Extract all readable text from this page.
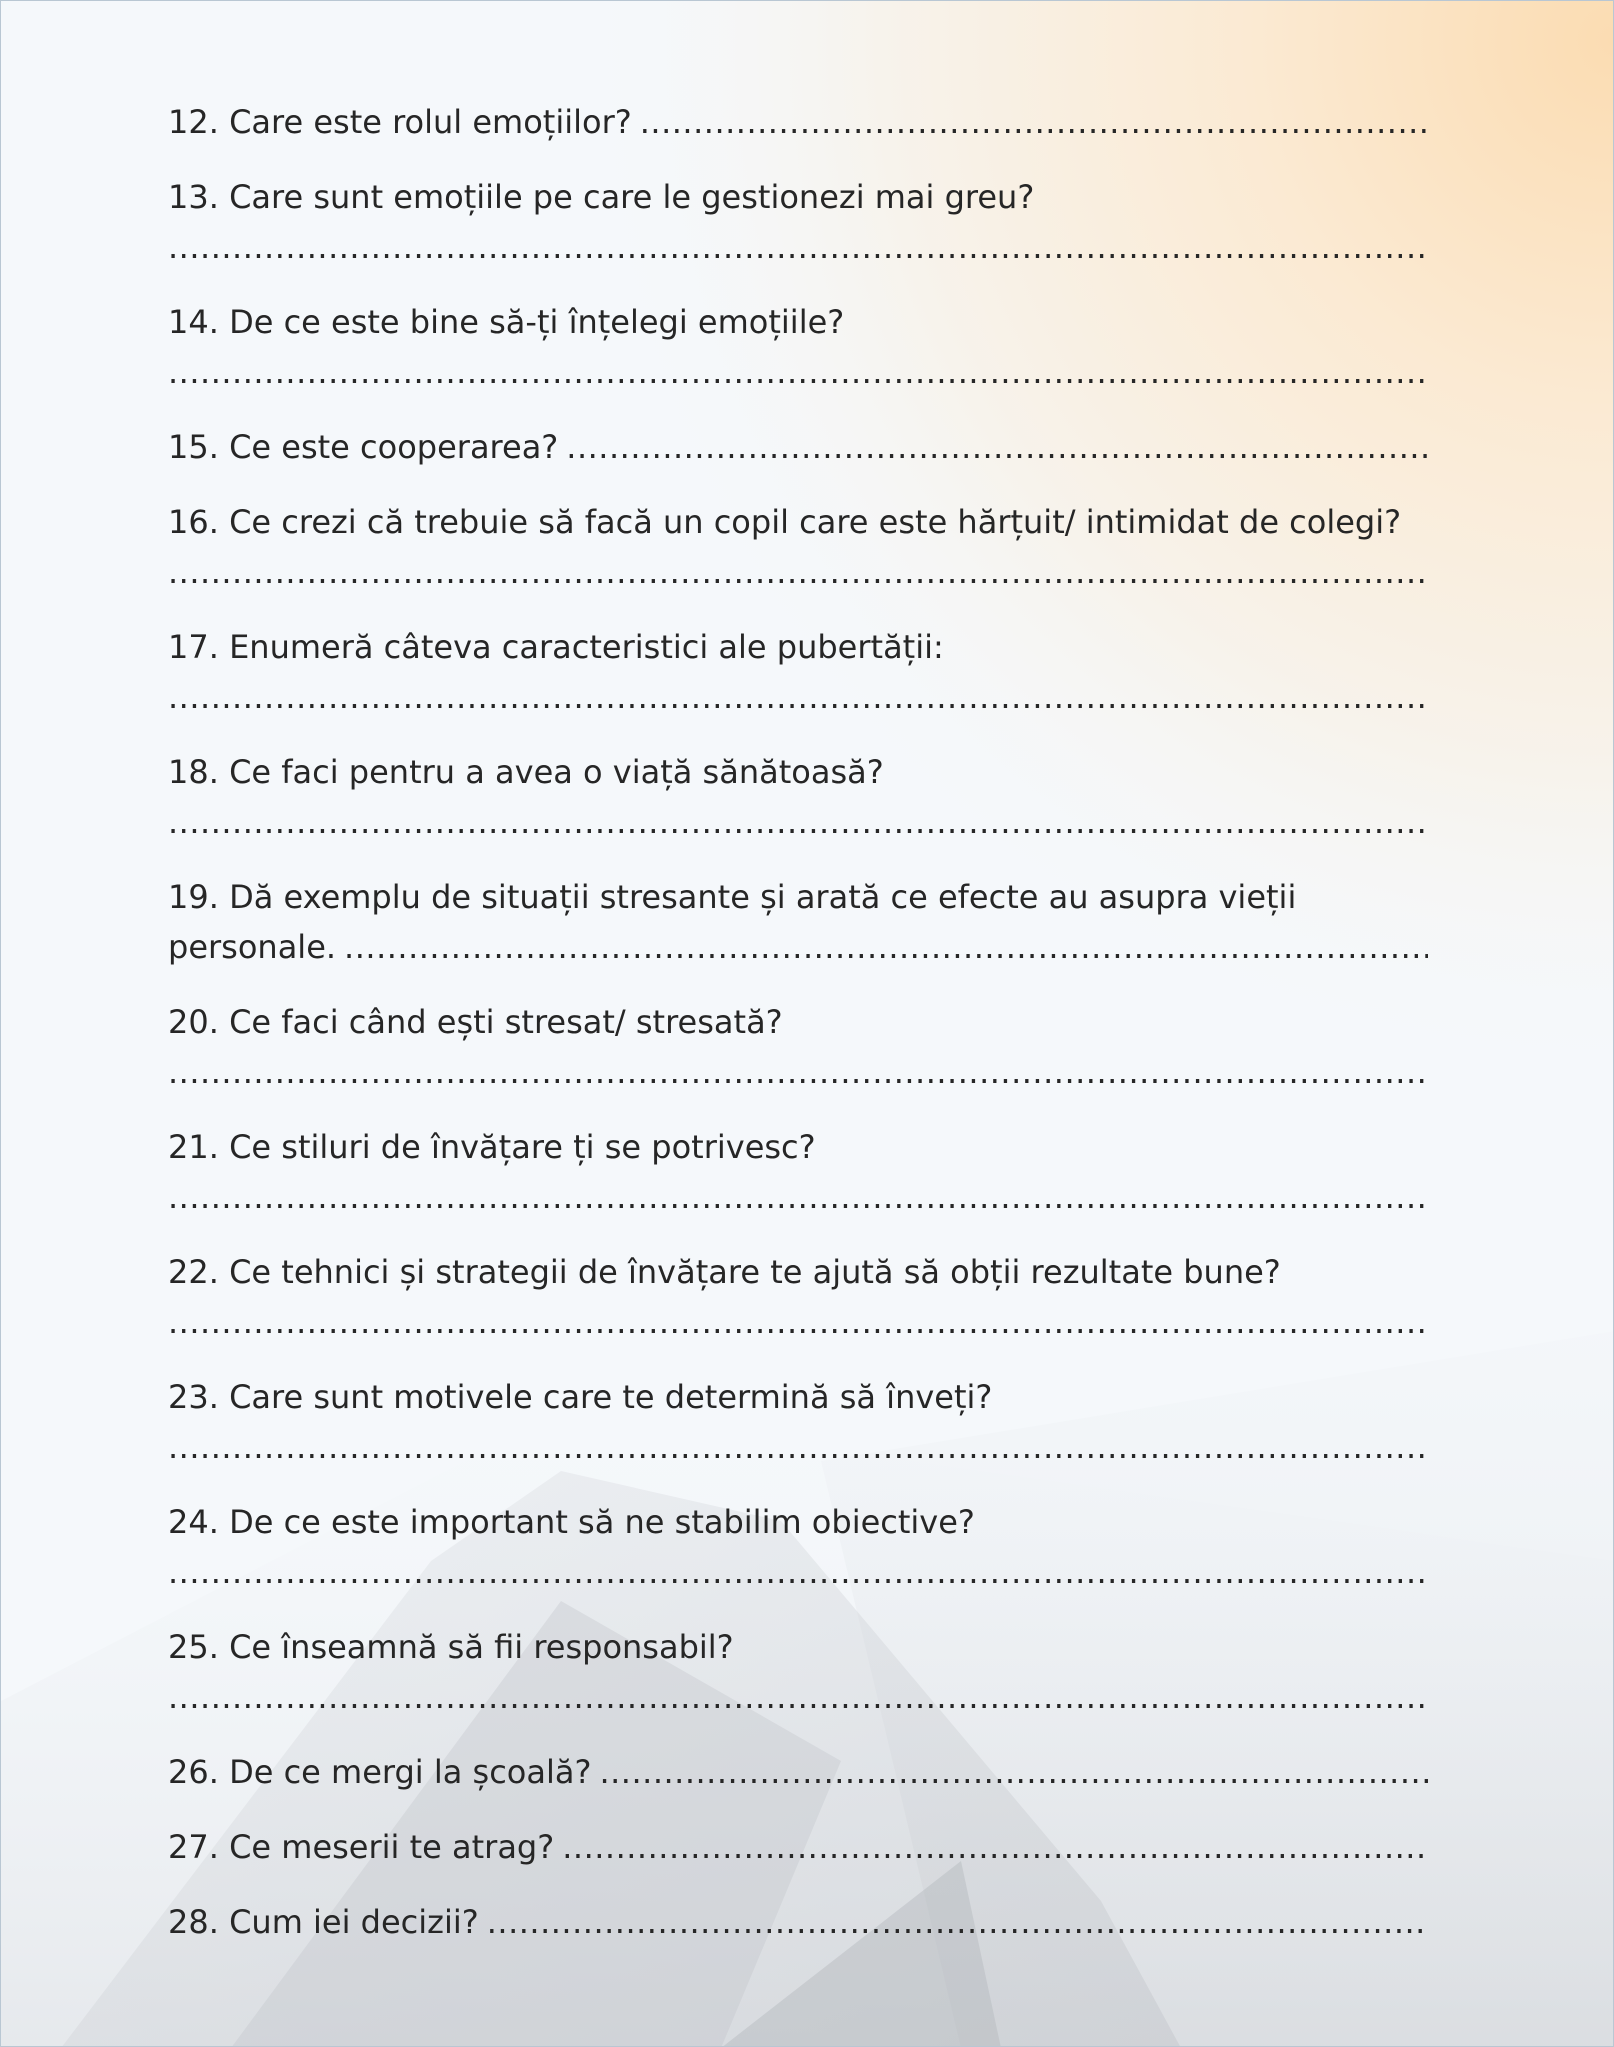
12. Care este rolul emoțiilor?
.....

13. Care sunt emoțiile pe care le gestionezi mai greu?

.....

14. De ce este bine să-ți înțelegi emoțiile?

.....
15. Ce este cooperarea?
.....

16. Ce crezi că trebuie să facă un copil care este hărțuit/ intimidat de colegi?

.....

17. Enumeră câteva caracteristici ale pubertății:

.....

18. Ce faci pentru a avea o viață sănătoasă?

.....

19. Dă exemplu de situații stresante și arată ce efecte au asupra vieții

personale.
.....

20. Ce faci când ești stresat/ stresată?

.....

21. Ce stiluri de învățare ți se potrivesc?

.....

22. Ce tehnici și strategii de învățare te ajută să obții rezultate bune?

.....

23. Care sunt motivele care te determină să înveți?

.....

24. De ce este important să ne stabilim obiective?

.....

25. Ce înseamnă să fii responsabil?

.....
26. De ce mergi la școală?
.....
27. Ce meserii te atrag?
.....
28. Cum iei decizii?
.....
